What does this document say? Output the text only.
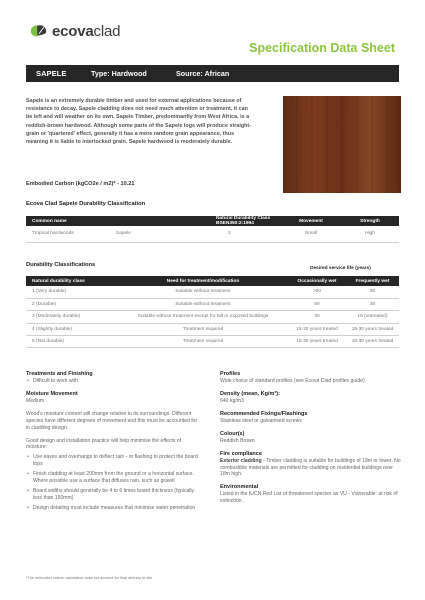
ecovaclad
Specification Data Sheet
SAPELE	Type: Hardwood	Source: African

Sapele is an extremely durable timber and used for external applications because of resistance to decay. Sapele cladding does not need much attention or treatment, it can be left and will weather on its own. Sapele Timber, predominantly from West Africa, is a reddish-brown hardwood. Although some parts of the Sapele logs will produce straight-grain or 'quartered' effect, generally it has a more random grain appearance, thus meaning it is liable to interlocked grain. Sapele hardwood is moderately durable.

Embodied Carbon (kgCO2e / m2)* - 10.21
Ecova Clad Sapele Durability Classification
Common name		Natural Durability Class BSEN350:2:1994	Movement	Strength
Tropical hardwoods	Sapele	2	Small	High
Durability Classifications
Desired service life (years)
Natural durability class	Need for treatment/modification	Occasionally wet	Frequently wet
1 (Very durable)	Suitable without treatment	>60	60
2 (Durable)	Suitable without treatment	60	30
3 (Moderately durable)	Suitable without treatment except for tall or exposed buildings	30	15 (untreated)
4 (Slightly durable)	Treatment required	15-30 years treated	15-30 years treated
5 (Not durable)	Treatment required	15-30 years treated	15-30 years treated
Treatments and Finishing
• Difficult to work with
Moisture Movement
Medium

Wood's moisture content will change relative to its surroundings. Different species have different degrees of movement and this must be accounted for in cladding design.

Good design and installation practice will help minimise the effects of moisture:

• Use eaves and overhangs to deflect rain - or flashing to protect the board tops
• Finish cladding at least 200mm from the ground or a horizontal surface. Where possible use a surface that diffuses rain, such as gravel
• Board widths should generally be 4 to 6 times board thickness (typically less than 150mm)
• Design detailing must include measures that minimise water penetration
Profiles

Wide choice of standard profiles (see Ecova Clad profiles guide)

Density (mean, Kg/m³):

640 kg/m3

Recommended Fixings/Flashings

Stainless steel or galvanised screws

Colour(s)

Reddish Brown

Fire compliance

Exterior cladding - Timber cladding is suitable for buildings of 18m or lower. No combustible materials are permitted for cladding on residential buildings over 18m high.

Environmental

Listed in the IUCN Red List of threatened species as VU - Vulnerable: at risk of extinction.

*The embodied carbon calculation does not account for final delivery to site.
